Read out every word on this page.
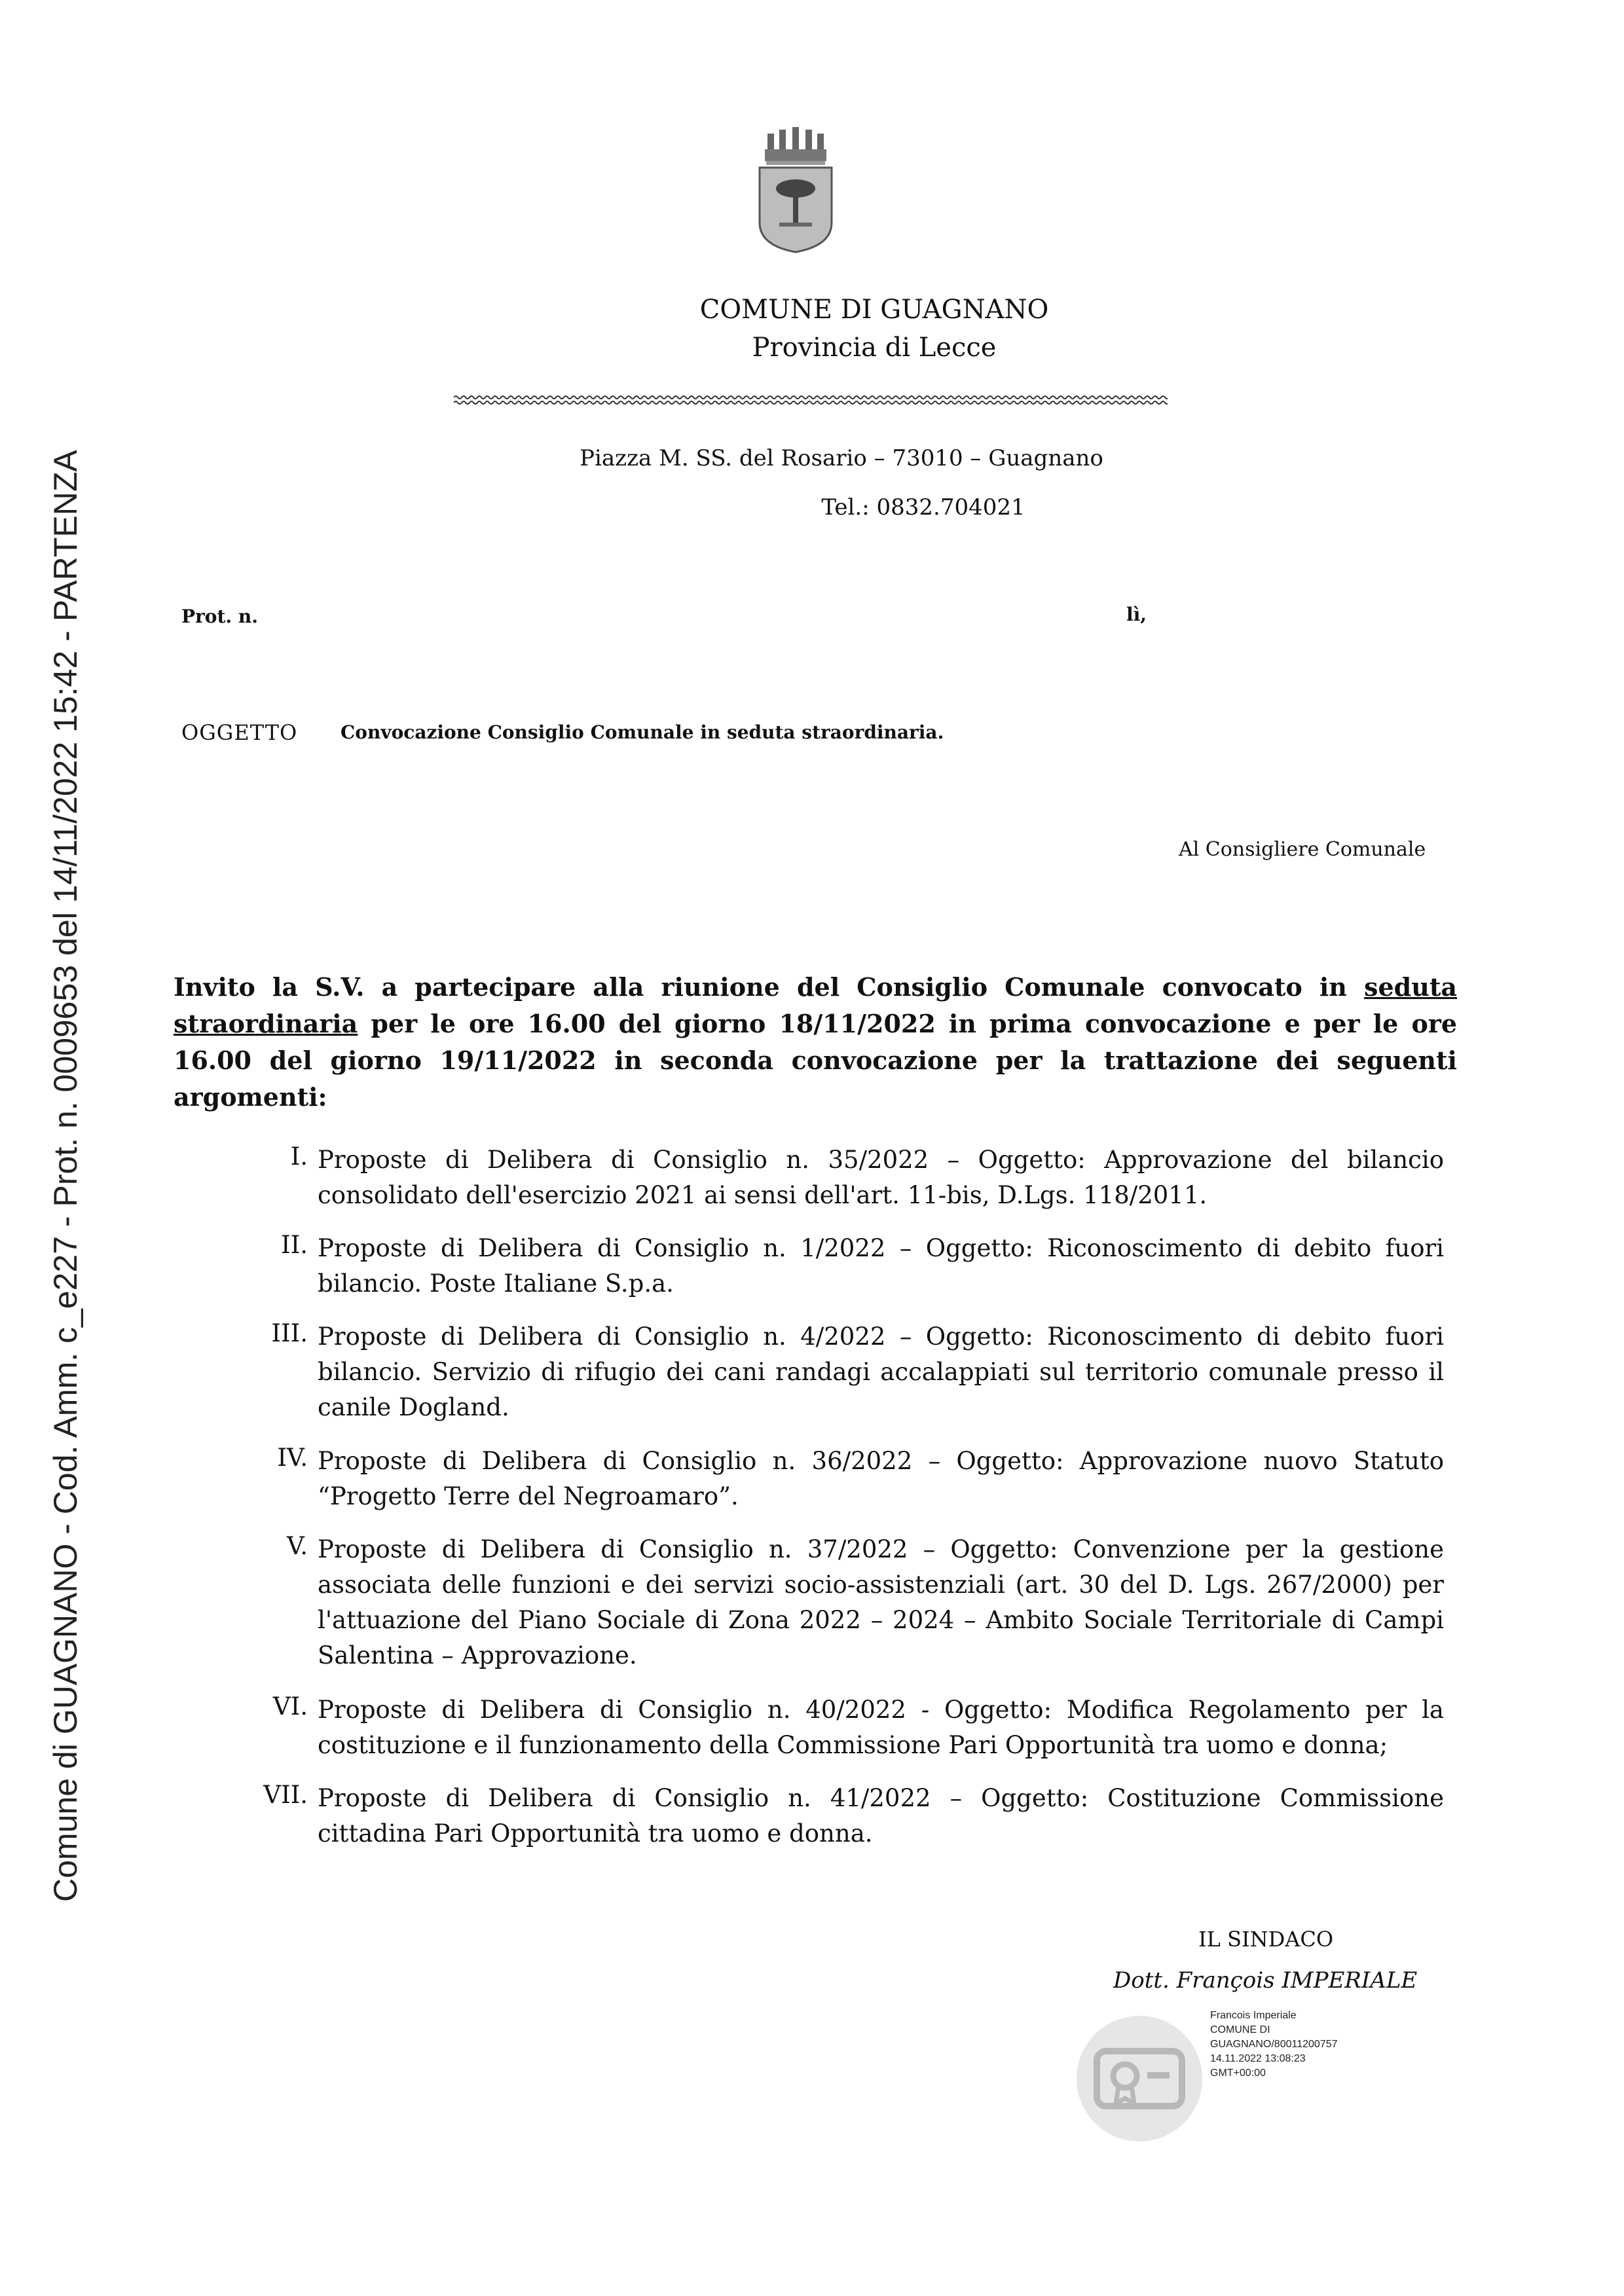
Comune di GUAGNANO - Cod. Amm. c_e227 - Prot. n. 0009653 del 14/11/2022 15:42 - PARTENZA
COMUNE DI GUAGNANO
Provincia di Lecce
Piazza M. SS. del Rosario – 73010 – Guagnano
Tel.: 0832.704021
Prot. n.	lì,
OGGETTO Convocazione Consiglio Comunale in seduta straordinaria.
Al Consigliere Comunale
Invito la S.V. a partecipare alla riunione del Consiglio Comunale convocato in seduta straordinaria per le ore 16.00 del giorno 18/11/2022 in prima convocazione e per le ore 16.00 del giorno 19/11/2022 in seconda convocazione per la trattazione dei seguenti argomenti:
I. Proposte di Delibera di Consiglio n. 35/2022 – Oggetto: Approvazione del bilancio consolidato dell'esercizio 2021 ai sensi dell'art. 11-bis, D.Lgs. 118/2011.
II. Proposte di Delibera di Consiglio n. 1/2022 – Oggetto: Riconoscimento di debito fuori bilancio. Poste Italiane S.p.a.
III. Proposte di Delibera di Consiglio n. 4/2022 – Oggetto: Riconoscimento di debito fuori bilancio. Servizio di rifugio dei cani randagi accalappiati sul territorio comunale presso il canile Dogland.
IV. Proposte di Delibera di Consiglio n. 36/2022 – Oggetto: Approvazione nuovo Statuto “Progetto Terre del Negroamaro”.
V. Proposte di Delibera di Consiglio n. 37/2022 – Oggetto: Convenzione per la gestione associata delle funzioni e dei servizi socio-assistenziali (art. 30 del D. Lgs. 267/2000) per l'attuazione del Piano Sociale di Zona 2022 – 2024 – Ambito Sociale Territoriale di Campi Salentina – Approvazione.
VI. Proposte di Delibera di Consiglio n. 40/2022 - Oggetto: Modifica Regolamento per la costituzione e il funzionamento della Commissione Pari Opportunità tra uomo e donna;
VII. Proposte di Delibera di Consiglio n. 41/2022 – Oggetto: Costituzione Commissione cittadina Pari Opportunità tra uomo e donna.
IL SINDACO
Dott. François IMPERIALE
Francois Imperiale
COMUNE DI
GUAGNANO/80011200757
14.11.2022 13:08:23
GMT+00:00
